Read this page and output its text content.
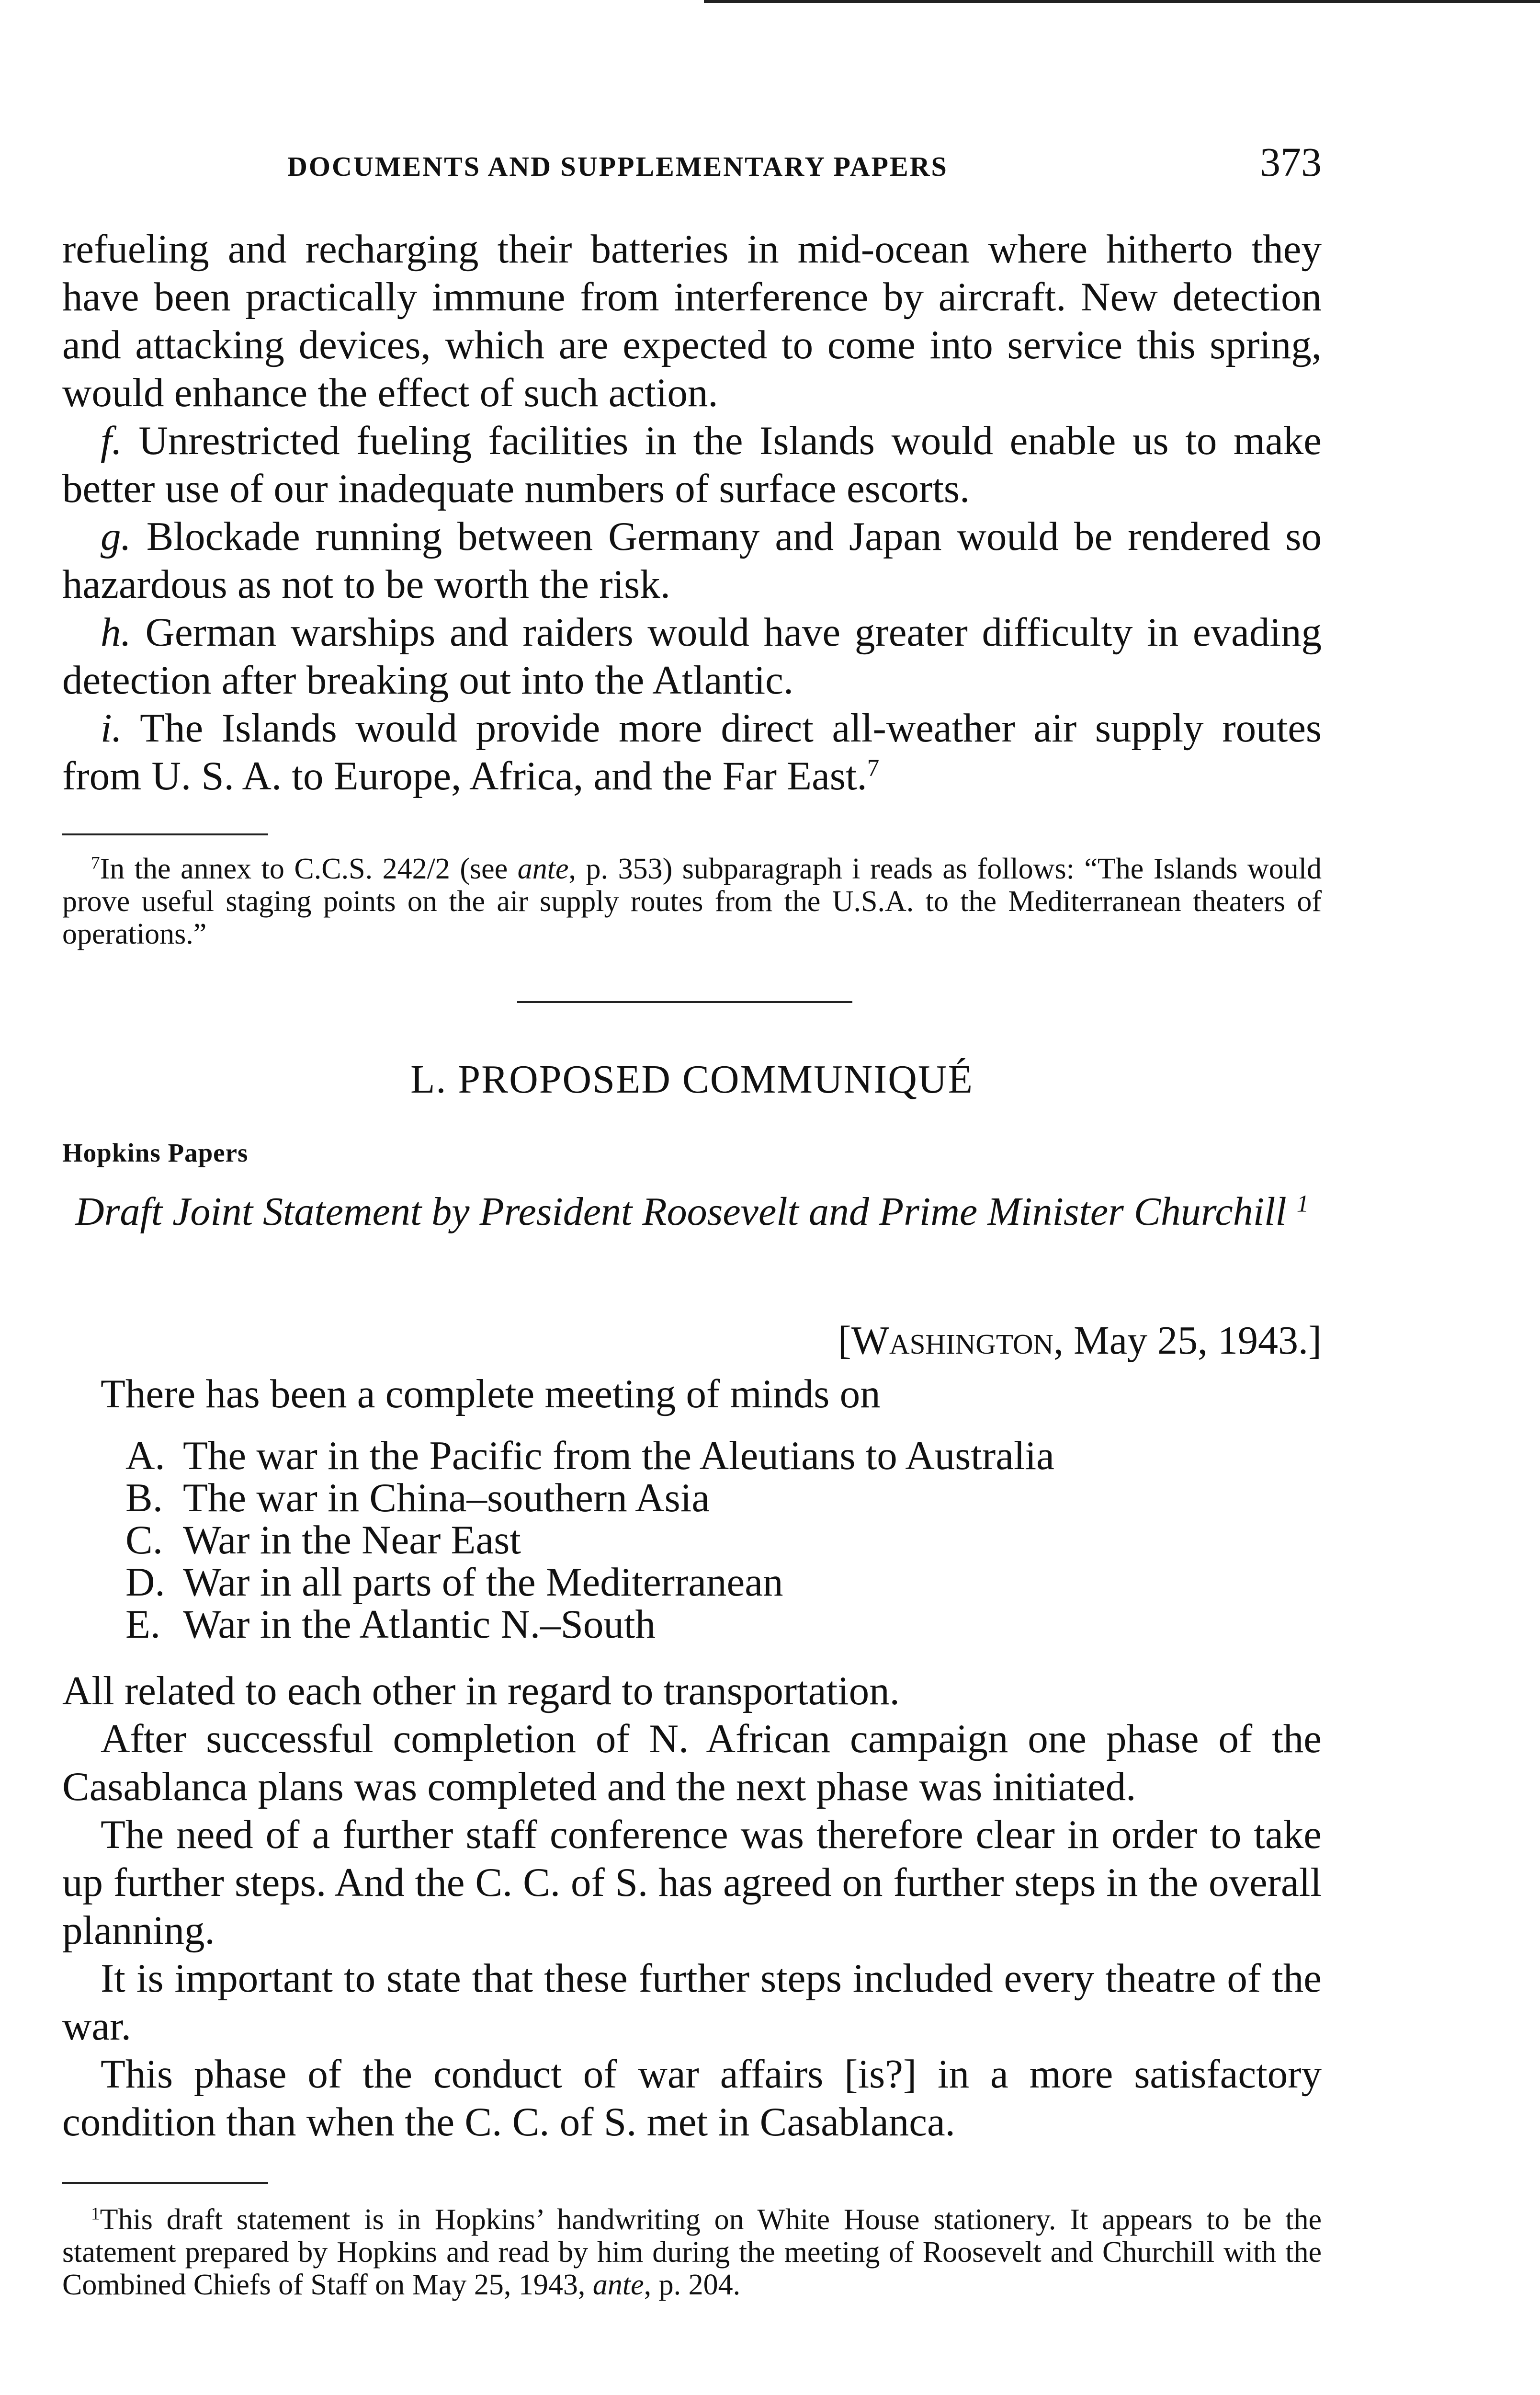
DOCUMENTS AND SUPPLEMENTARY PAPERS	373

refueling and recharging their batteries in mid-ocean where hitherto they have been practically immune from interference by aircraft. New detection and attacking devices, which are expected to come into service this spring, would enhance the effect of such action.

f. Unrestricted fueling facilities in the Islands would enable us to make better use of our inadequate numbers of surface escorts.

g. Blockade running between Germany and Japan would be rendered so hazardous as not to be worth the risk.

h. German warships and raiders would have greater difficulty in evading detection after breaking out into the Atlantic.

i. The Islands would provide more direct all-weather air supply routes from U. S. A. to Europe, Africa, and the Far East.$^7$

$^7$In the annex to C.C.S. 242/2 (see ante, p. 353) subparagraph i reads as follows: “The Islands would prove useful staging points on the air supply routes from the U.S.A. to the Mediterranean theaters of operations.”

L. PROPOSED COMMUNIQUÉ
Hopkins Papers
Draft Joint Statement by President Roosevelt and Prime Minister Churchill $^1$
[Washington, May 25, 1943.]

There has been a complete meeting of minds on

A. The war in the Pacific from the Aleutians to Australia
B. The war in China–southern Asia
C. War in the Near East
D. War in all parts of the Mediterranean
E. War in the Atlantic N.–South

All related to each other in regard to transportation.

After successful completion of N. African campaign one phase of the Casablanca plans was completed and the next phase was initiated.

The need of a further staff conference was therefore clear in order to take up further steps. And the C. C. of S. has agreed on further steps in the overall planning.

It is important to state that these further steps included every theatre of the war.

This phase of the conduct of war affairs [is?] in a more satisfactory condition than when the C. C. of S. met in Casablanca.

$^1$This draft statement is in Hopkins’ handwriting on White House stationery. It appears to be the statement prepared by Hopkins and read by him during the meeting of Roosevelt and Churchill with the Combined Chiefs of Staff on May 25, 1943, ante, p. 204.
